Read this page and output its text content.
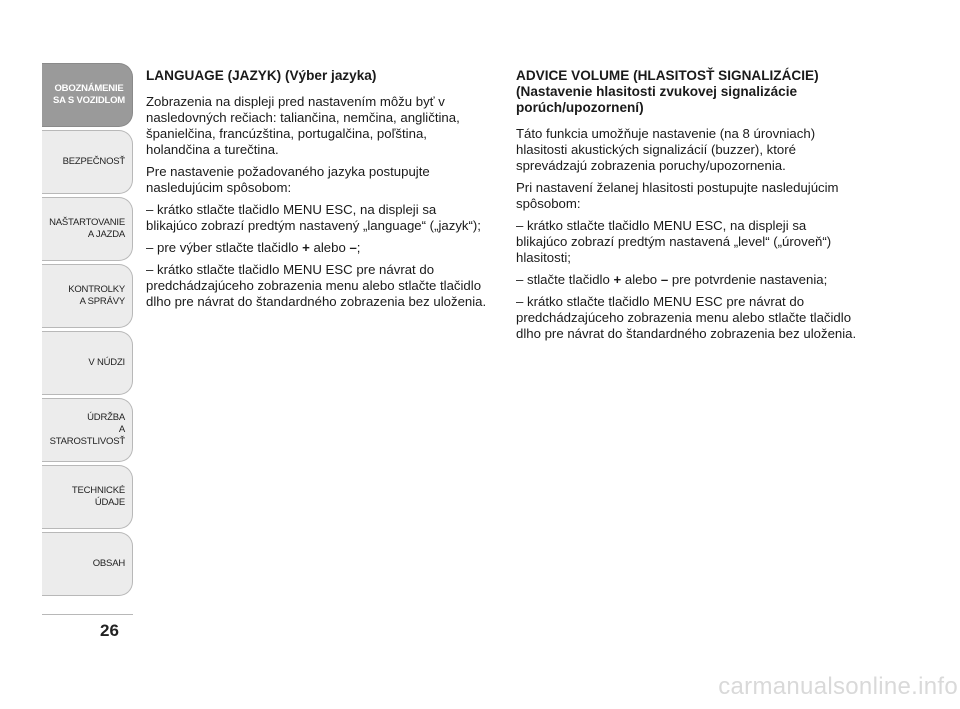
OBOZNÁMENIE
SA S VOZIDLOM
BEZPEČNOSŤ
NAŠTARTOVANIE
A JAZDA
KONTROLKY
A SPRÁVY
V NÚDZI
ÚDRŽBA
A STAROSTLIVOSŤ
TECHNICKÉ
ÚDAJE
OBSAH
26
LANGUAGE (JAZYK) (Výber jazyka)

Zobrazenia na displeji pred nastavením môžu byť v nasledovných rečiach: taliančina, nemčina, angličtina, španielčina, francúzština, portugalčina, poľština, holandčina a turečtina.

Pre nastavenie požadovaného jazyka postupujte nasledujúcim spôsobom:

– krátko stlačte tlačidlo MENU ESC, na displeji sa blikajúco zobrazí predtým nastavený „language“ („jazyk“);

– pre výber stlačte tlačidlo + alebo –;

– krátko stlačte tlačidlo MENU ESC pre návrat do predchádzajúceho zobrazenia menu alebo stlačte tlačidlo dlho pre návrat do štandardného zobrazenia bez uloženia.

ADVICE VOLUME (HLASITOSŤ SIGNALIZÁCIE) (Nastavenie hlasitosti zvukovej signalizácie porúch/upozornení)

Táto funkcia umožňuje nastavenie (na 8 úrovniach) hlasitosti akustických signalizácií (buzzer), ktoré sprevádzajú zobrazenia poruchy/upozornenia.

Pri nastavení želanej hlasitosti postupujte nasledujúcim spôsobom:

– krátko stlačte tlačidlo MENU ESC, na displeji sa blikajúco zobrazí predtým nastavená „level“ („úroveň“) hlasitosti;

– stlačte tlačidlo + alebo – pre potvrdenie nastavenia;

– krátko stlačte tlačidlo MENU ESC pre návrat do predchádzajúceho zobrazenia menu alebo stlačte tlačidlo dlho pre návrat do štandardného zobrazenia bez uloženia.

carmanualsonline.info
